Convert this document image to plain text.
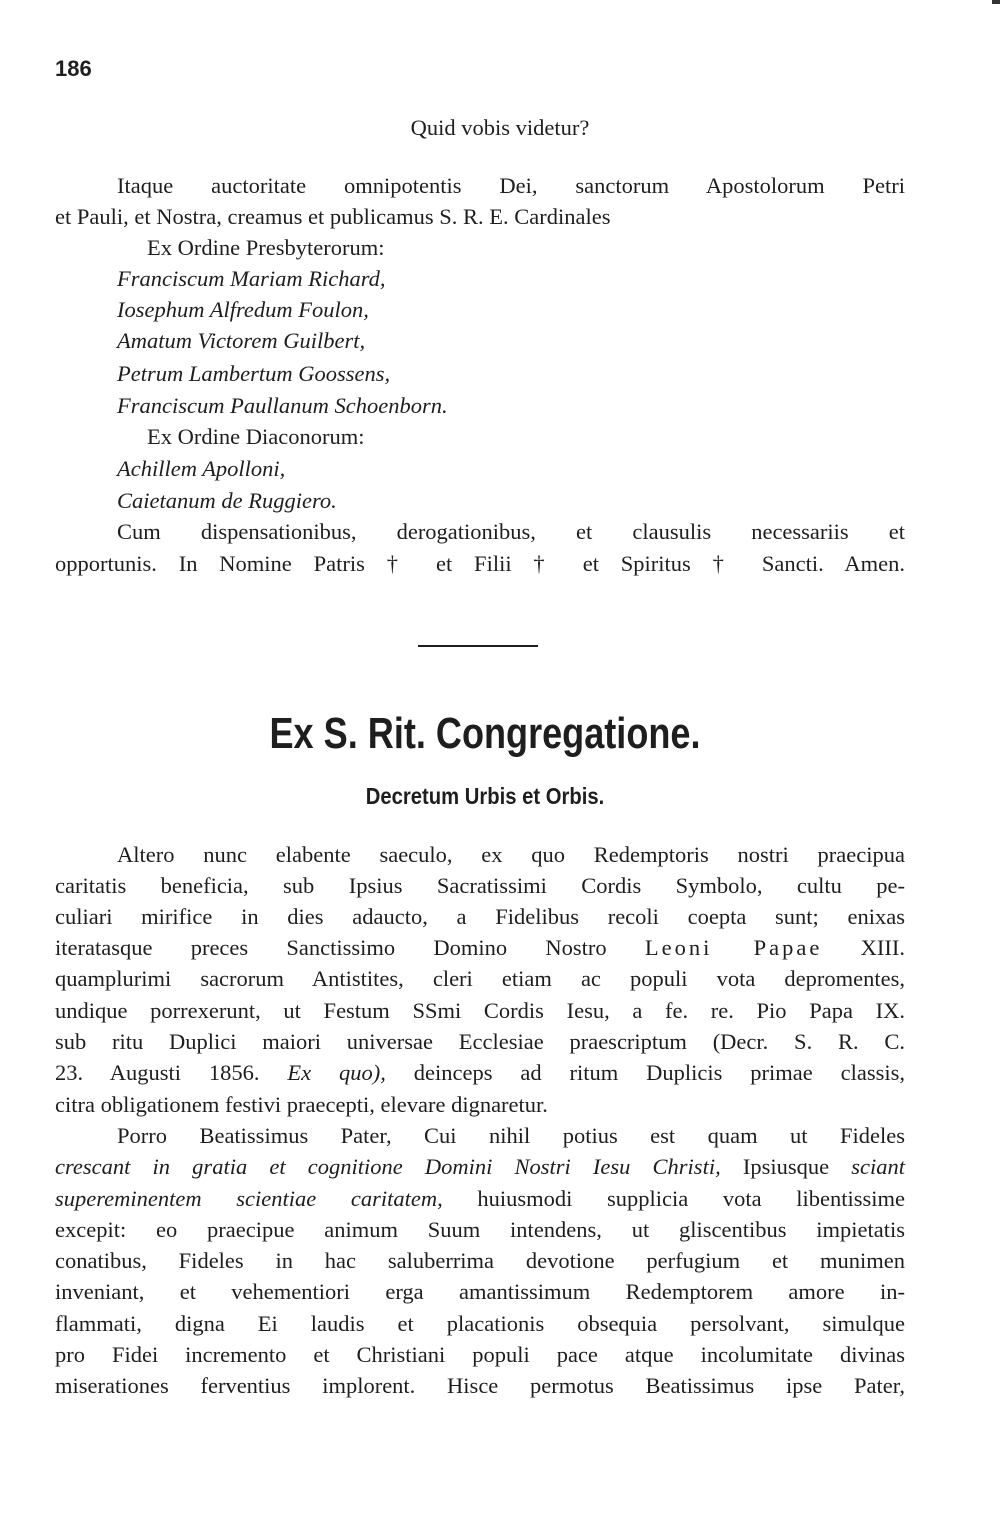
186
Quid vobis videtur?
Itaque auctoritate omnipotentis Dei, sanctorum Apostolorum Petri
et Pauli, et Nostra, creamus et publicamus S. R. E. Cardinales
Ex Ordine Presbyterorum:
Franciscum Mariam Richard,
Iosephum Alfredum Foulon,
Amatum Victorem Guilbert,
Petrum Lambertum Goossens,
Franciscum Paullanum Schoenborn.
Ex Ordine Diaconorum:
Achillem Apolloni,
Caietanum de Ruggiero.
Cum dispensationibus, derogationibus, et clausulis necessariis et
opportunis. In Nomine Patris † et Filii † et Spiritus † Sancti. Amen.
Ex S. Rit. Congregatione.
Decretum Urbis et Orbis.
Altero nunc elabente saeculo, ex quo Redemptoris nostri praecipua
caritatis beneficia, sub Ipsius Sacratissimi Cordis Symbolo, cultu pe-
culiari mirifice in dies adaucto, a Fidelibus recoli coepta sunt; enixas
iteratasque preces Sanctissimo Domino Nostro Leoni Papae XIII.
quamplurimi sacrorum Antistites, cleri etiam ac populi vota depromentes,
undique porrexerunt, ut Festum SSmi Cordis Iesu, a fe. re. Pio Papa IX.
sub ritu Duplici maiori universae Ecclesiae praescriptum (Decr. S. R. C.
23. Augusti 1856. Ex quo), deinceps ad ritum Duplicis primae classis,
citra obligationem festivi praecepti, elevare dignaretur.
Porro Beatissimus Pater, Cui nihil potius est quam ut Fideles
crescant in gratia et cognitione Domini Nostri Iesu Christi, Ipsiusque sciant
supereminentem scientiae caritatem, huiusmodi supplicia vota libentissime
excepit: eo praecipue animum Suum intendens, ut gliscentibus impietatis
conatibus, Fideles in hac saluberrima devotione perfugium et munimen
inveniant, et vehementiori erga amantissimum Redemptorem amore in-
flammati, digna Ei laudis et placationis obsequia persolvant, simulque
pro Fidei incremento et Christiani populi pace atque incolumitate divinas
miserationes ferventius implorent. Hisce permotus Beatissimus ipse Pater,
